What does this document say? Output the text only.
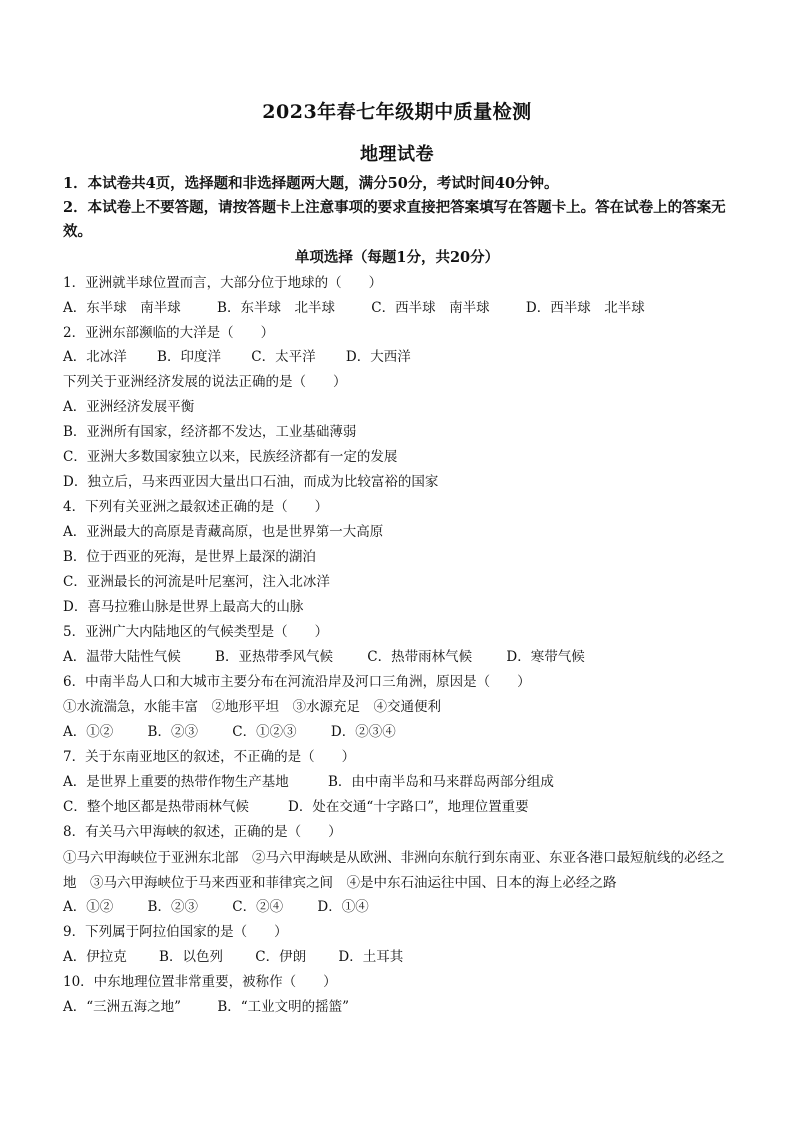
2023年春七年级期中质量检测
地理试卷
1．本试卷共4页，选择题和非选择题两大题，满分50分，考试时间40分钟。
2．本试卷上不要答题，请按答题卡上注意事项的要求直接把答案填写在答题卡上。答在试卷上的答案无效。
单项选择（每题1分，共20分）
1．亚洲就半球位置而言，大部分位于地球的（　　）
A．东半球　南半球	B．东半球　北半球	C．西半球　南半球	D．西半球　北半球
2．亚洲东部濒临的大洋是（　　）
A．北冰洋 B．印度洋 C．太平洋 D．大西洋
下列关于亚洲经济发展的说法正确的是（　　）
A．亚洲经济发展平衡
B．亚洲所有国家，经济都不发达，工业基础薄弱
C．亚洲大多数国家独立以来，民族经济都有一定的发展
D．独立后，马来西亚因大量出口石油，而成为比较富裕的国家
4．下列有关亚洲之最叙述正确的是（　　）
A．亚洲最大的高原是青藏高原，也是世界第一大高原
B．位于西亚的死海，是世界上最深的湖泊
C．亚洲最长的河流是叶尼塞河，注入北冰洋
D．喜马拉雅山脉是世界上最高大的山脉
5．亚洲广大内陆地区的气候类型是（　　）
A．温带大陆性气候	B．亚热带季风气候	C．热带雨林气候	D．寒带气候
6．中南半岛人口和大城市主要分布在河流沿岸及河口三角洲，原因是（　　）
①水流湍急，水能丰富　②地形平坦　③水源充足　④交通便利
A．①②	B．②③	C．①②③	D．②③④
7．关于东南亚地区的叙述，不正确的是（　　）
A．是世界上重要的热带作物生产基地	B．由中南半岛和马来群岛两部分组成
C．整个地区都是热带雨林气候	D．处在交通“十字路口”，地理位置重要
8．有关马六甲海峡的叙述，正确的是（　　）
①马六甲海峡位于亚洲东北部　②马六甲海峡是从欧洲、非洲向东航行到东南亚、东亚各港口最短航线的必经之地　③马六甲海峡位于马来西亚和菲律宾之间　④是中东石油运往中国、日本的海上必经之路
A．①②	B．②③	C．②④	D．①④
9．下列属于阿拉伯国家的是（　　）
A．伊拉克 B．以色列 C．伊朗 D．土耳其
10．中东地理位置非常重要，被称作（　　）
A．“三洲五海之地”	B．“工业文明的摇篮”
